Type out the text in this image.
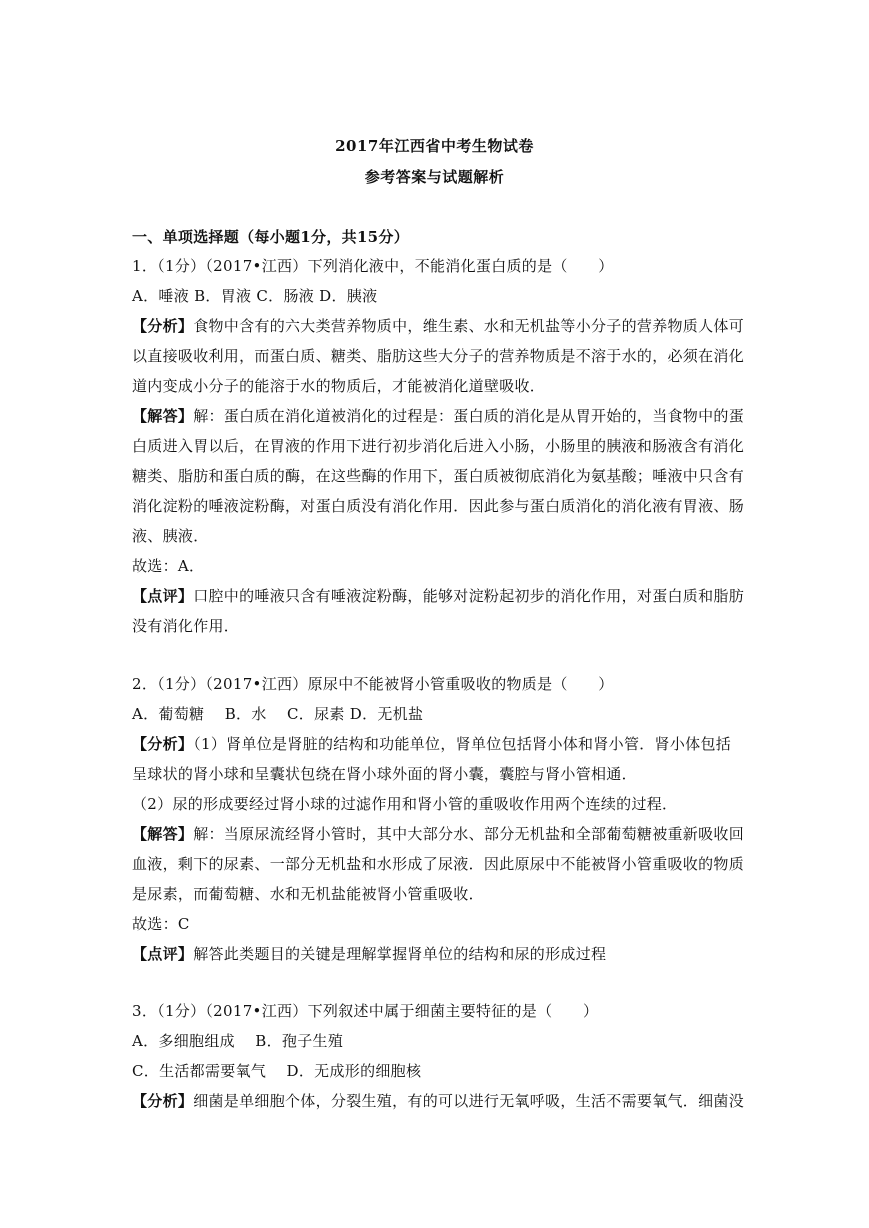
2017年江西省中考生物试卷
参考答案与试题解析
一、单项选择题（每小题1分，共15分）
1．（1分）（2017•江西）下列消化液中，不能消化蛋白质的是（　　）
A．唾液 B．胃液 C．肠液 D．胰液
【分析】食物中含有的六大类营养物质中，维生素、水和无机盐等小分子的营养物质人体可
以直接吸收利用，而蛋白质、糖类、脂肪这些大分子的营养物质是不溶于水的，必须在消化
道内变成小分子的能溶于水的物质后，才能被消化道壁吸收．
【解答】解：蛋白质在消化道被消化的过程是：蛋白质的消化是从胃开始的，当食物中的蛋
白质进入胃以后，在胃液的作用下进行初步消化后进入小肠，小肠里的胰液和肠液含有消化
糖类、脂肪和蛋白质的酶，在这些酶的作用下，蛋白质被彻底消化为氨基酸；唾液中只含有
消化淀粉的唾液淀粉酶，对蛋白质没有消化作用．因此参与蛋白质消化的消化液有胃液、肠
液、胰液．
故选：A．
【点评】口腔中的唾液只含有唾液淀粉酶，能够对淀粉起初步的消化作用，对蛋白质和脂肪
没有消化作用．
2．（1分）（2017•江西）原尿中不能被肾小管重吸收的物质是（　　）
A．葡萄糖　 B．水　 C．尿素 D．无机盐
【分析】（1）肾单位是肾脏的结构和功能单位，肾单位包括肾小体和肾小管．肾小体包括
呈球状的肾小球和呈囊状包绕在肾小球外面的肾小囊，囊腔与肾小管相通．
（2）尿的形成要经过肾小球的过滤作用和肾小管的重吸收作用两个连续的过程．
【解答】解：当原尿流经肾小管时，其中大部分水、部分无机盐和全部葡萄糖被重新吸收回
血液，剩下的尿素、一部分无机盐和水形成了尿液．因此原尿中不能被肾小管重吸收的物质
是尿素，而葡萄糖、水和无机盐能被肾小管重吸收．
故选：C
【点评】解答此类题目的关键是理解掌握肾单位的结构和尿的形成过程
3．（1分）（2017•江西）下列叙述中属于细菌主要特征的是（　　）
A．多细胞组成　 B．孢子生殖
C．生活都需要氧气　 D．无成形的细胞核
【分析】细菌是单细胞个体，分裂生殖，有的可以进行无氧呼吸，生活不需要氧气．细菌没
